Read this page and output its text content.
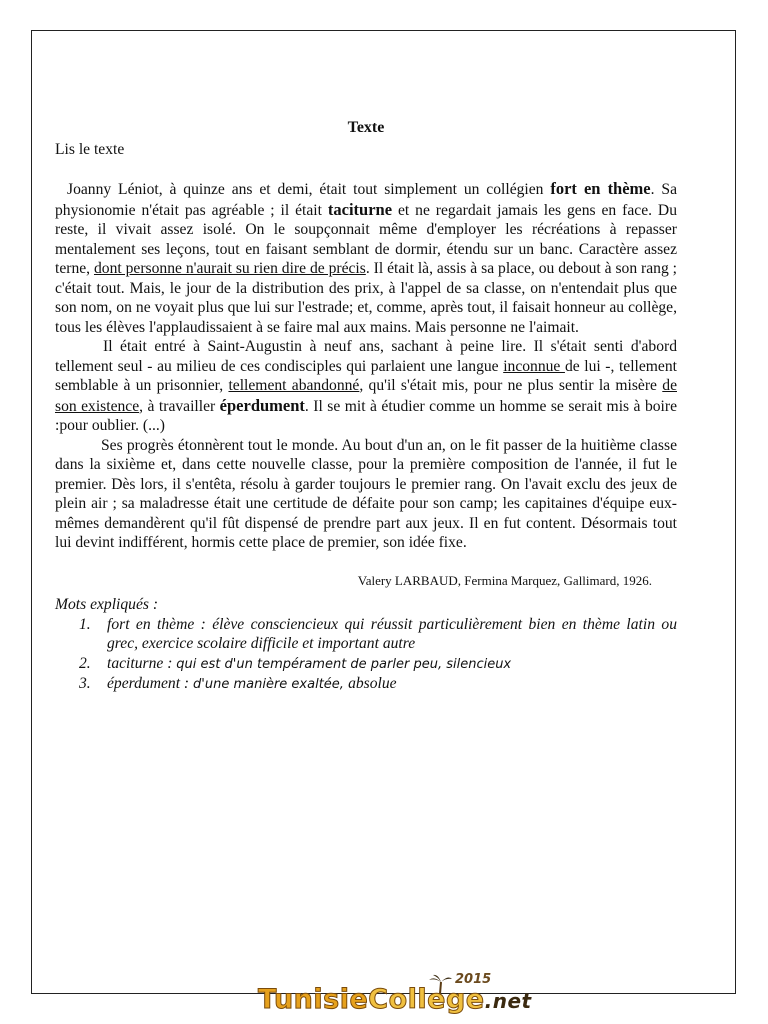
Texte

Lis le texte

Joanny Léniot, à quinze ans et demi, était tout simplement un collégien fort en thème. Sa physionomie n'était pas agréable ; il était taciturne et ne regardait jamais les gens en face. Du reste, il vivait assez isolé. On le soupçonnait même d'employer les récréations à repasser mentalement ses leçons, tout en faisant semblant de dormir, étendu sur un banc. Caractère assez terne, dont personne n'aurait su rien dire de précis. Il était là, assis à sa place, ou debout à son rang ; c'était tout. Mais, le jour de la distribution des prix, à l'appel de sa classe, on n'entendait plus que son nom, on ne voyait plus que lui sur l'estrade; et, comme, après tout, il faisait honneur au collège, tous les élèves l'applaudissaient à se faire mal aux mains. Mais personne ne l'aimait.

Il était entré à Saint-Augustin à neuf ans, sachant à peine lire. Il s'était senti d'abord tellement seul - au milieu de ces condisciples qui parlaient une langue inconnue de lui -, tellement semblable à un prisonnier, tellement abandonné, qu'il s'était mis, pour ne plus sentir la misère de son existence, à travailler éperdument. Il se mit à étudier comme un homme se serait mis à boire :pour oublier. (...)

Ses progrès étonnèrent tout le monde. Au bout d'un an, on le fit passer de la huitième classe dans la sixième et, dans cette nouvelle classe, pour la première composition de l'année, il fut le premier. Dès lors, il s'entêta, résolu à garder toujours le premier rang. On l'avait exclu des jeux de plein air ; sa maladresse était une certitude de défaite pour son camp; les capitaines d'équipe eux-mêmes demandèrent qu'il fût dispensé de prendre part aux jeux. Il en fut content. Désormais tout lui devint indifférent, hormis cette place de premier, son idée fixe.

Valery LARBAUD, Fermina Marquez, Gallimard, 1926.

Mots expliqués :

1. fort en thème : élève consciencieux qui réussit particulièrement bien en thème latin ou grec, exercice scolaire difficile et important autre
2. taciturne : qui est d'un tempérament de parler peu, silencieux
3. éperdument : d'une manière exaltée, absolue
2015
TunisieCollege.net
